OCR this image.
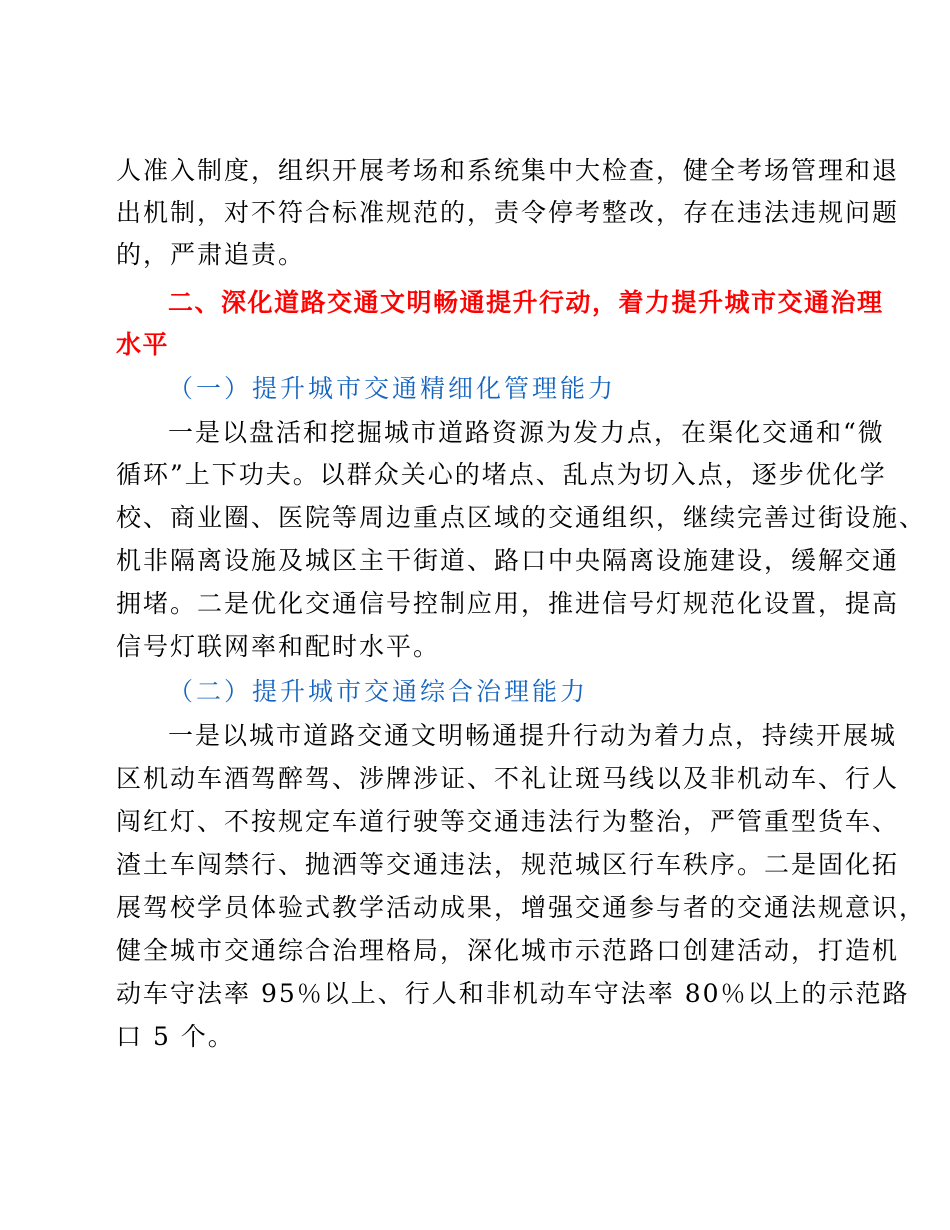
人准入制度，组织开展考场和系统集中大检查，健全考场管理和退
出机制，对不符合标准规范的，责令停考整改，存在违法违规问题
的，严肃追责。
二、深化道路交通文明畅通提升行动，着力提升城市交通治理
水平
（一）提升城市交通精细化管理能力
一是以盘活和挖掘城市道路资源为发力点，在渠化交通和“微
循环”上下功夫。以群众关心的堵点、乱点为切入点，逐步优化学
校、商业圈、医院等周边重点区域的交通组织，继续完善过街设施、
机非隔离设施及城区主干街道、路口中央隔离设施建设，缓解交通
拥堵。二是优化交通信号控制应用，推进信号灯规范化设置，提高
信号灯联网率和配时水平。
（二）提升城市交通综合治理能力
一是以城市道路交通文明畅通提升行动为着力点，持续开展城
区机动车酒驾醉驾、涉牌涉证、不礼让斑马线以及非机动车、行人
闯红灯、不按规定车道行驶等交通违法行为整治，严管重型货车、
渣土车闯禁行、抛洒等交通违法，规范城区行车秩序。二是固化拓
展驾校学员体验式教学活动成果，增强交通参与者的交通法规意识，
健全城市交通综合治理格局，深化城市示范路口创建活动，打造机
动车守法率 95％以上、行人和非机动车守法率 80％以上的示范路
口 5 个。
